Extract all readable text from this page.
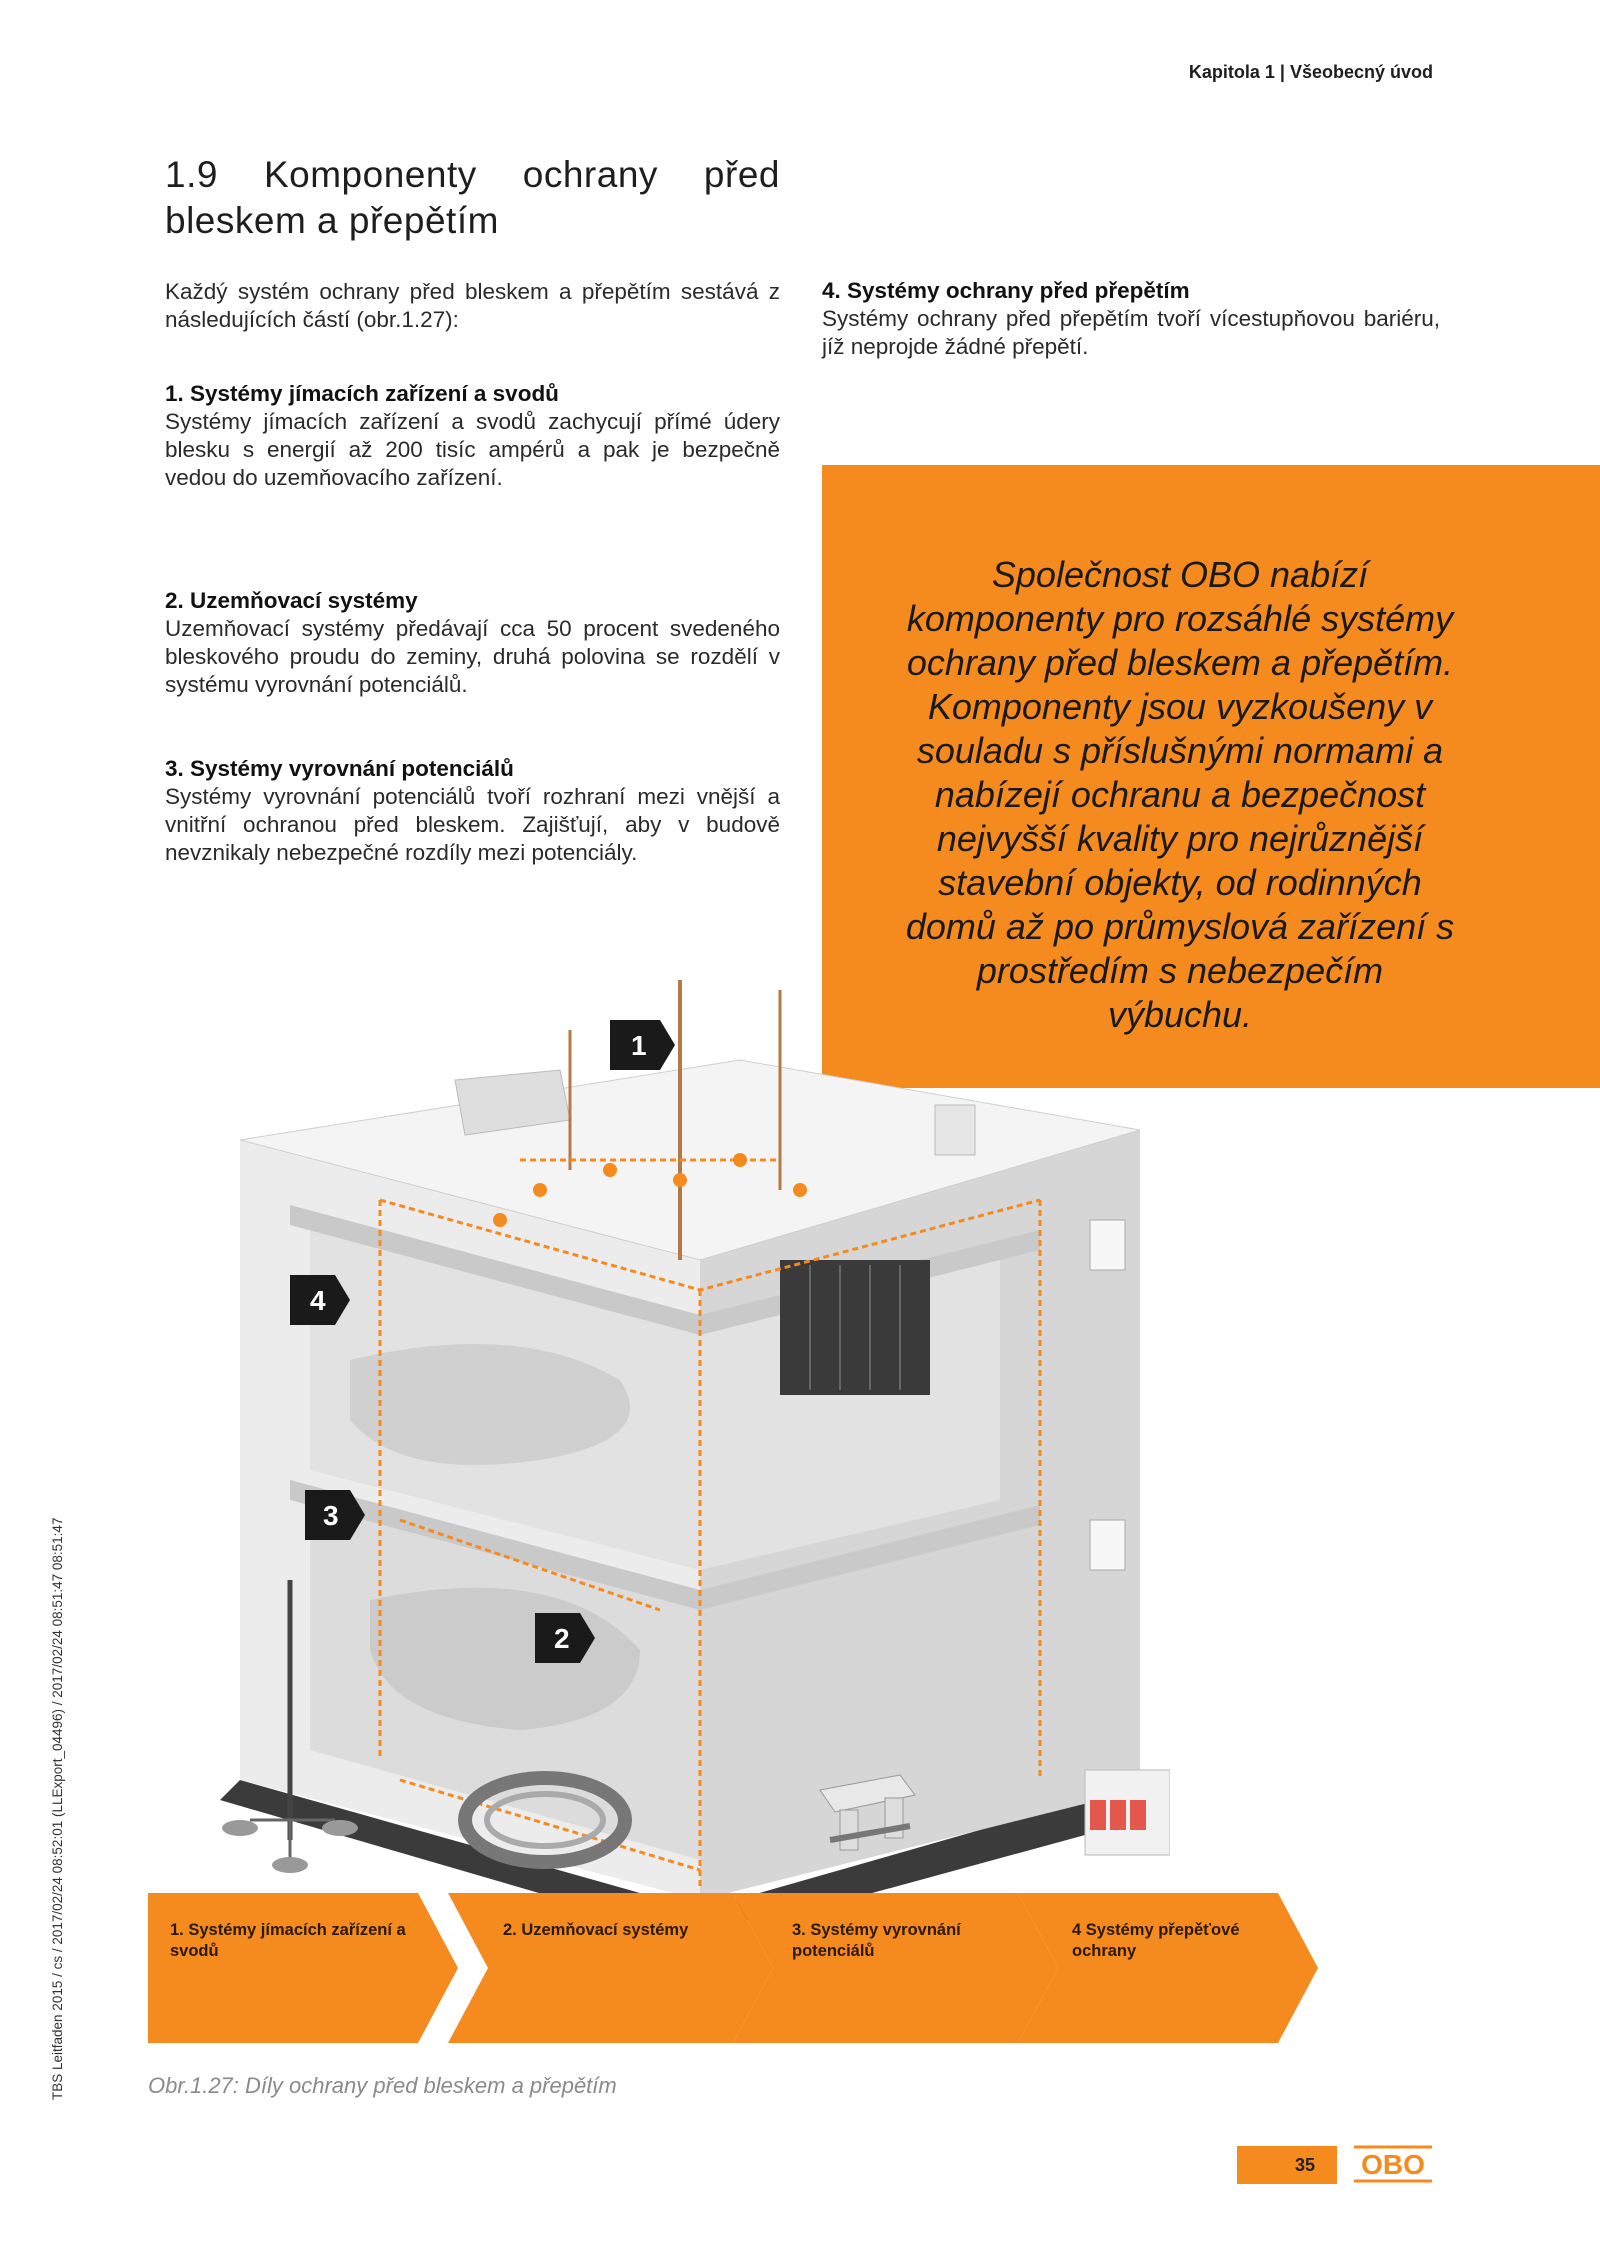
Kapitola 1 | Všeobecný úvod
1.9 Komponenty ochrany před bleskem a přepětím

Každý systém ochrany před bleskem a přepětím sestává z následujících částí (obr.1.27):

1. Systémy jímacích zařízení a svodů

Systémy jímacích zařízení a svodů zachycují přímé údery blesku s energií až 200 tisíc ampérů a pak je bezpečně vedou do uzemňovacího zařízení.

2. Uzemňovací systémy

Uzemňovací systémy předávají cca 50 procent svedeného bleskového proudu do zeminy, druhá polovina se rozdělí v systému vyrovnání potenciálů.

3. Systémy vyrovnání potenciálů

Systémy vyrovnání potenciálů tvoří rozhraní mezi vnější a vnitřní ochranou před bleskem. Zajišťují, aby v budově nevznikaly nebezpečné rozdíly mezi potenciály.

4. Systémy ochrany před přepětím

Systémy ochrany před přepětím tvoří vícestupňovou bariéru, jíž neprojde žádné přepětí.

Společnost OBO nabízí komponenty pro rozsáhlé systémy ochrany před bleskem a přepětím. Komponenty jsou vyzkoušeny v souladu s příslušnými normami a nabízejí ochranu a bezpečnost nejvyšší kvality pro nejrůznější stavební objekty, od rodinných domů až po průmyslová zařízení s prostředím s nebezpečím výbuchu.

1
4
3
2
1. Systémy jímacích zařízení a svodů
2. Uzemňovací systémy	3. Systémy vyrovnání potenciálů
4 Systémy přepěťové ochrany
Obr.1.27: Díly ochrany před bleskem a přepětím
TBS Leitfaden 2015 / cs / 2017/02/24 08:52:01 (LLExport_04496) / 2017/02/24 08:51:47 08:51:47
35 OBO
